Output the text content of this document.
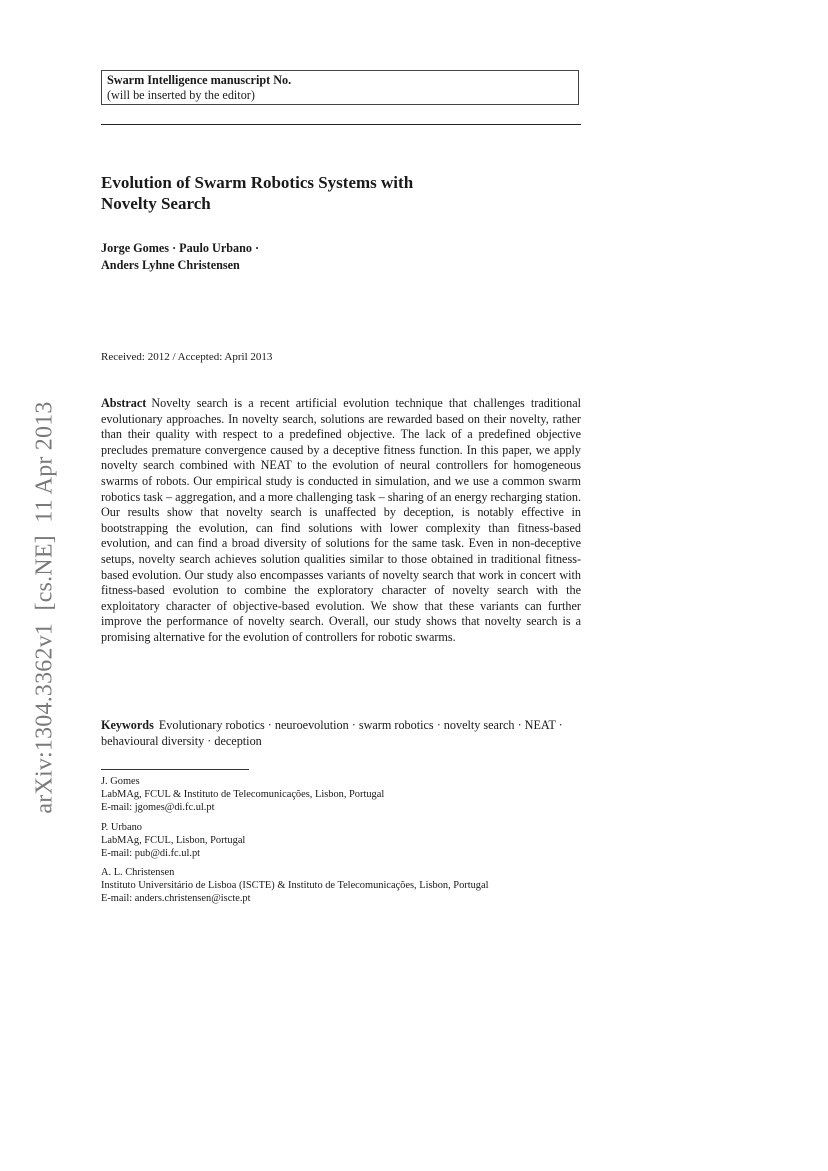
Swarm Intelligence manuscript No.
(will be inserted by the editor)
Evolution of Swarm Robotics Systems with
Novelty Search
Jorge Gomes · Paulo Urbano ·
Anders Lyhne Christensen
Received: 2012 / Accepted: April 2013

Abstract Novelty search is a recent artificial evolution technique that challenges traditional evolutionary approaches. In novelty search, solutions are rewarded based on their novelty, rather than their quality with respect to a predefined objective. The lack of a predefined objective precludes premature convergence caused by a deceptive fitness function. In this paper, we apply novelty search combined with NEAT to the evolution of neural controllers for homogeneous swarms of robots. Our empirical study is conducted in simulation, and we use a common swarm robotics task – aggregation, and a more challenging task – sharing of an energy recharging station. Our results show that novelty search is unaffected by deception, is notably effective in bootstrapping the evolution, can find solutions with lower complexity than fitness-based evolution, and can find a broad diversity of solutions for the same task. Even in non-deceptive setups, novelty search achieves solution qualities similar to those obtained in traditional fitness-based evolution. Our study also encompasses variants of novelty search that work in concert with fitness-based evolution to combine the exploratory character of novelty search with the exploitatory character of objective-based evolution. We show that these variants can further improve the performance of novelty search. Overall, our study shows that novelty search is a promising alternative for the evolution of controllers for robotic swarms.

Keywords Evolutionary robotics · neuroevolution · swarm robotics · novelty search · NEAT · behavioural diversity · deception

J. Gomes
LabMAg, FCUL & Instituto de Telecomunicações, Lisbon, Portugal
E-mail: jgomes@di.fc.ul.pt
P. Urbano
LabMAg, FCUL, Lisbon, Portugal
E-mail: pub@di.fc.ul.pt
A. L. Christensen
Instituto Universitário de Lisboa (ISCTE) & Instituto de Telecomunicações, Lisbon, Portugal
E-mail: anders.christensen@iscte.pt
arXiv:1304.3362v1  [cs.NE]  11 Apr 2013
